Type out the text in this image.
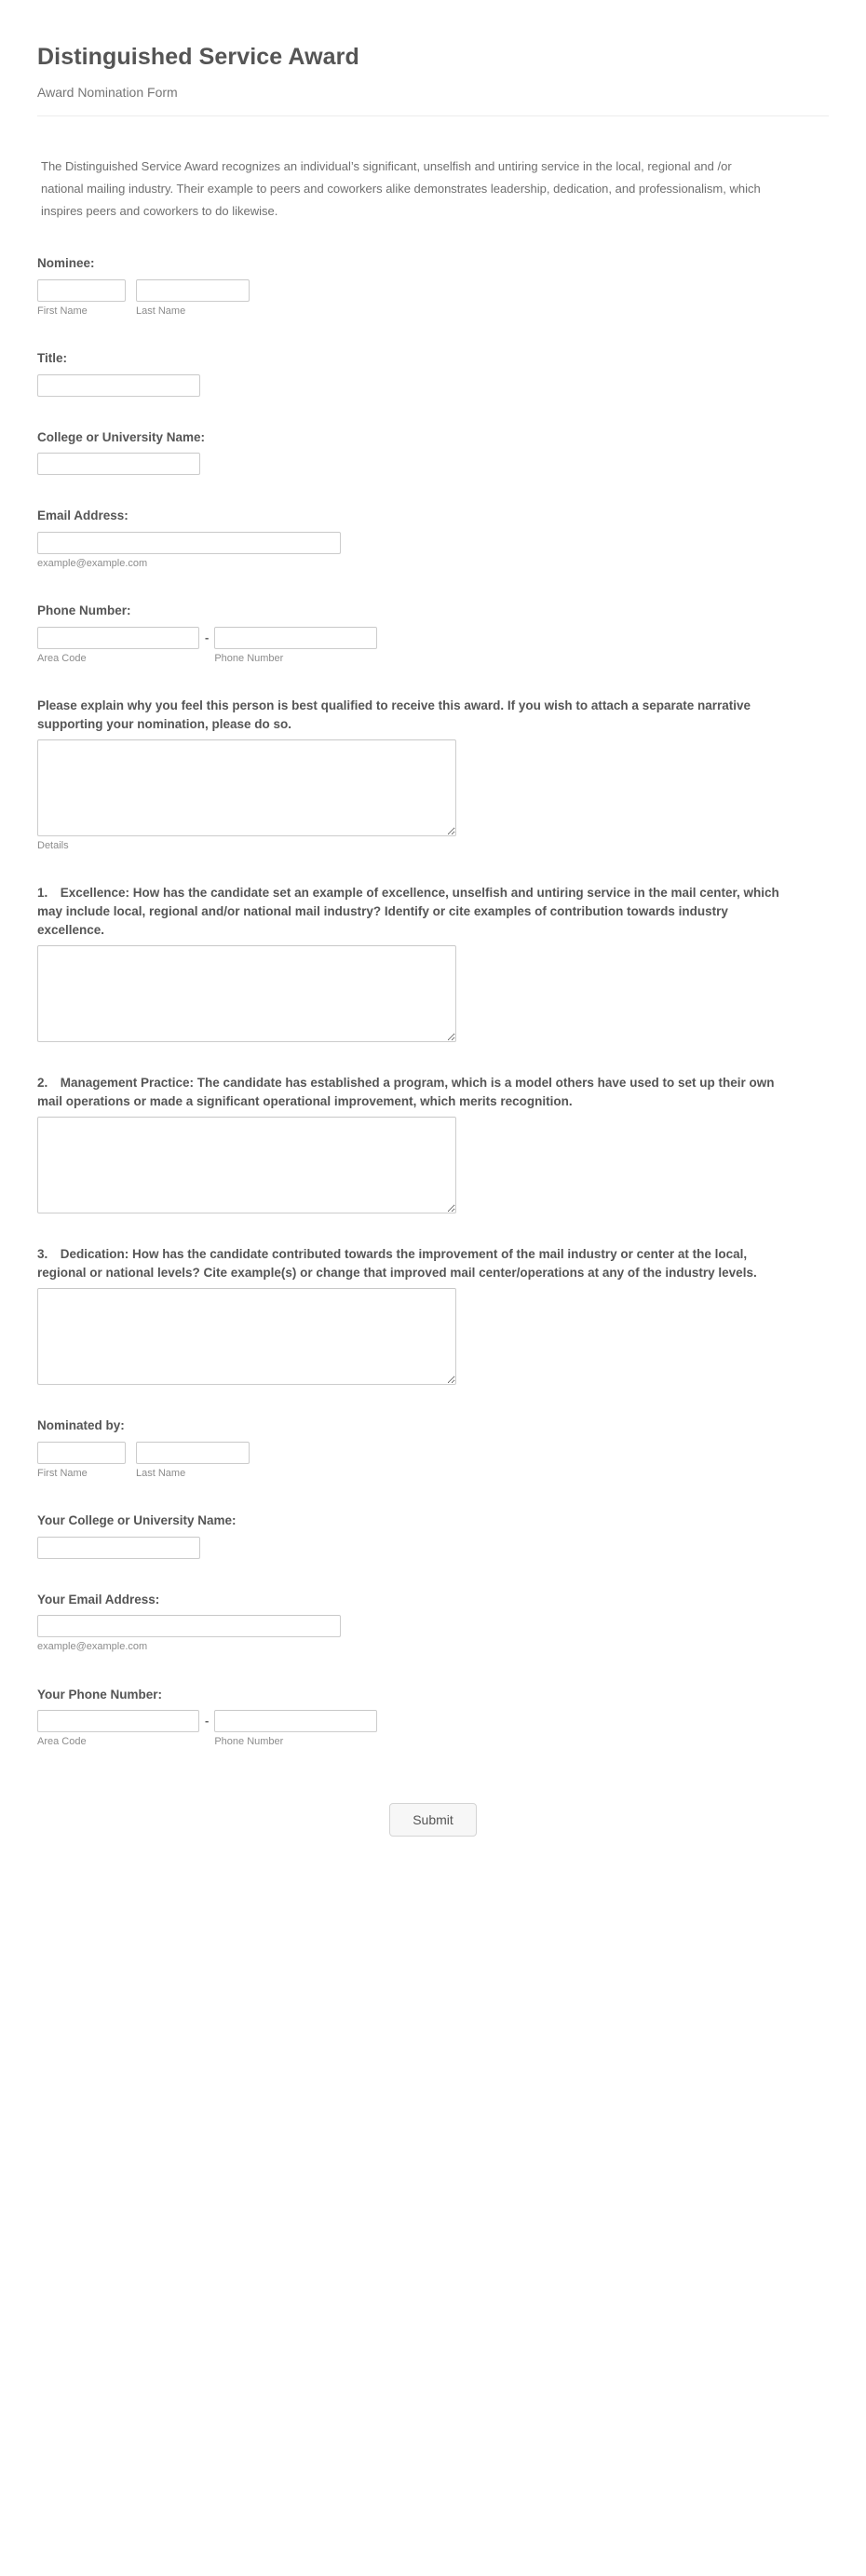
Distinguished Service Award
Award Nomination Form

The Distinguished Service Award recognizes an individual’s significant, unselfish and untiring service in the local, regional and /or national mailing industry. Their example to peers and coworkers alike demonstrates leadership, dedication, and professionalism, which inspires peers and coworkers to do likewise.

Nominee:
First Name	Last Name
Title:
College or University Name:
Email Address:
example@example.com
Phone Number:
Area Code
-
Phone Number
Please explain why you feel this person is best qualified to receive this award. If you wish to attach a separate narrative supporting your nomination, please do so.
Details
1. Excellence: How has the candidate set an example of excellence, unselfish and untiring service in the mail center, which may include local, regional and/or national mail industry? Identify or cite examples of contribution towards industry excellence.
2. Management Practice: The candidate has established a program, which is a model others have used to set up their own mail operations or made a significant operational improvement, which merits recognition.
3. Dedication: How has the candidate contributed towards the improvement of the mail industry or center at the local, regional or national levels? Cite example(s) or change that improved mail center/operations at any of the industry levels.
Nominated by:
First Name	Last Name
Your College or University Name:
Your Email Address:
example@example.com
Your Phone Number:
Area Code
-
Phone Number
Submit
